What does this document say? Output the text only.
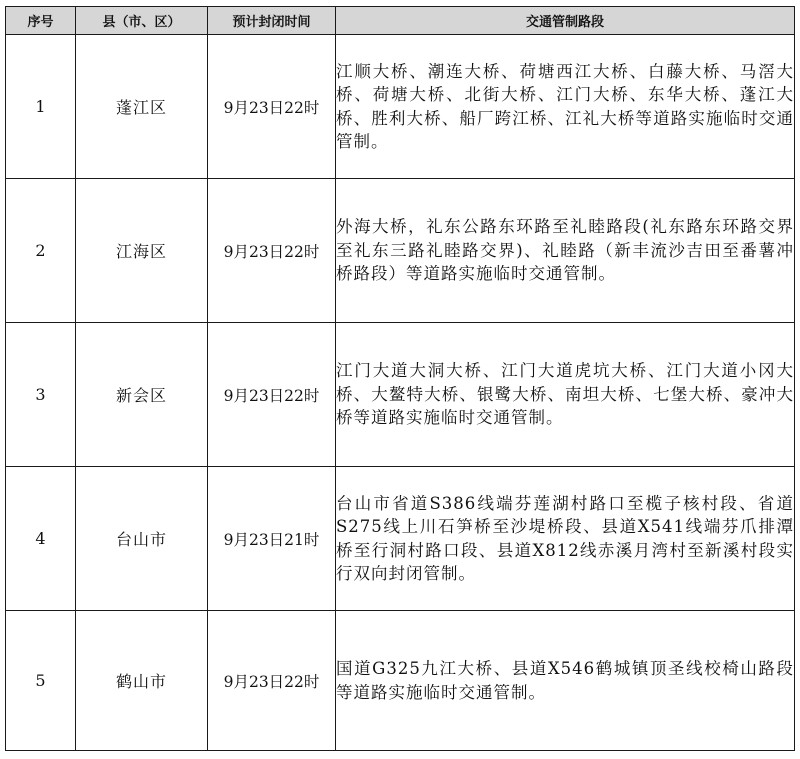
序号	县（市、区）	预计封闭时间	交通管制路段
1	蓬江区	9月23日22时	江顺大桥、潮连大桥、荷塘西江大桥、白藤大桥、马滘大桥、荷塘大桥、北街大桥、江门大桥、东华大桥、蓬江大桥、胜利大桥、船厂跨江桥、江礼大桥等道路实施临时交通管制。

2	江海区	9月23日22时	外海大桥，礼东公路东环路至礼睦路段(礼东路东环路交界至礼东三路礼睦路交界)、礼睦路（新丰流沙吉田至番薯冲桥路段）等道路实施临时交通管制。

3	新会区	9月23日22时	江门大道大洞大桥、江门大道虎坑大桥、江门大道小冈大桥、大鳌特大桥、银鹭大桥、南坦大桥、七堡大桥、豪冲大桥等道路实施临时交通管制。

4	台山市	9月23日21时	台山市省道S386线端芬莲湖村路口至榄子核村段、省道S275线上川石笋桥至沙堤桥段、县道X541线端芬爪排潭桥至行洞村路口段、县道X812线赤溪月湾村至新溪村段实行双向封闭管制。

5	鹤山市	9月23日22时	国道G325九江大桥、县道X546鹤城镇顶圣线校椅山路段等道路实施临时交通管制。
